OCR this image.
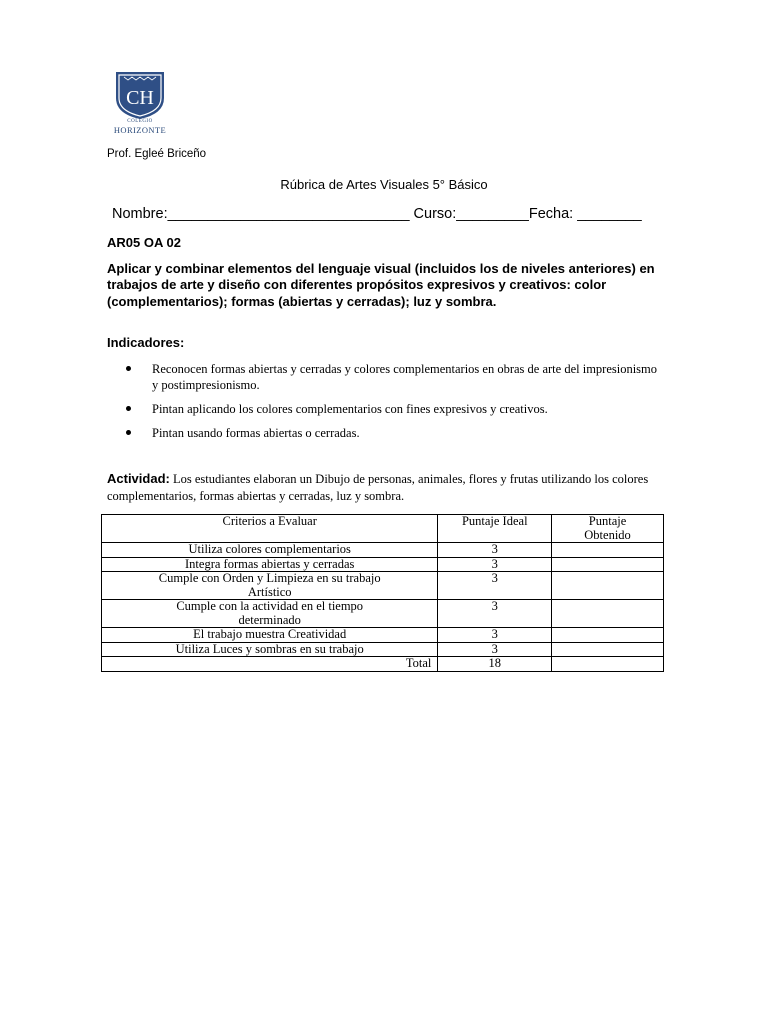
CH
COLEGIO
HORIZONTE
Prof. Egleé Briceño
Rúbrica de Artes Visuales 5° Básico
Nombre:______________________________ Curso:_________Fecha: ________
AR05 OA 02
Aplicar y combinar elementos del lenguaje visual (incluidos los de niveles anteriores) en trabajos de arte y diseño con diferentes propósitos expresivos y creativos: color (complementarios); formas (abiertas y cerradas); luz y sombra.
Indicadores:
Reconocen formas abiertas y cerradas y colores complementarios en obras de arte del impresionismo y postimpresionismo.
Pintan aplicando los colores complementarios con fines expresivos y creativos.
Pintan usando formas abiertas o cerradas.
Actividad: Los estudiantes elaboran un Dibujo de personas, animales, flores y frutas utilizando los colores complementarios, formas abiertas y cerradas, luz y sombra.
Criterios a Evaluar	Puntaje Ideal	Puntaje Obtenido
Utiliza colores complementarios	3	
Integra formas abiertas y cerradas	3	
Cumple con Orden y Limpieza en su trabajo Artístico	3	
Cumple con la actividad en el tiempo determinado	3	
El trabajo muestra Creatividad	3	
Utiliza Luces y sombras en su trabajo	3	
Total	18	
